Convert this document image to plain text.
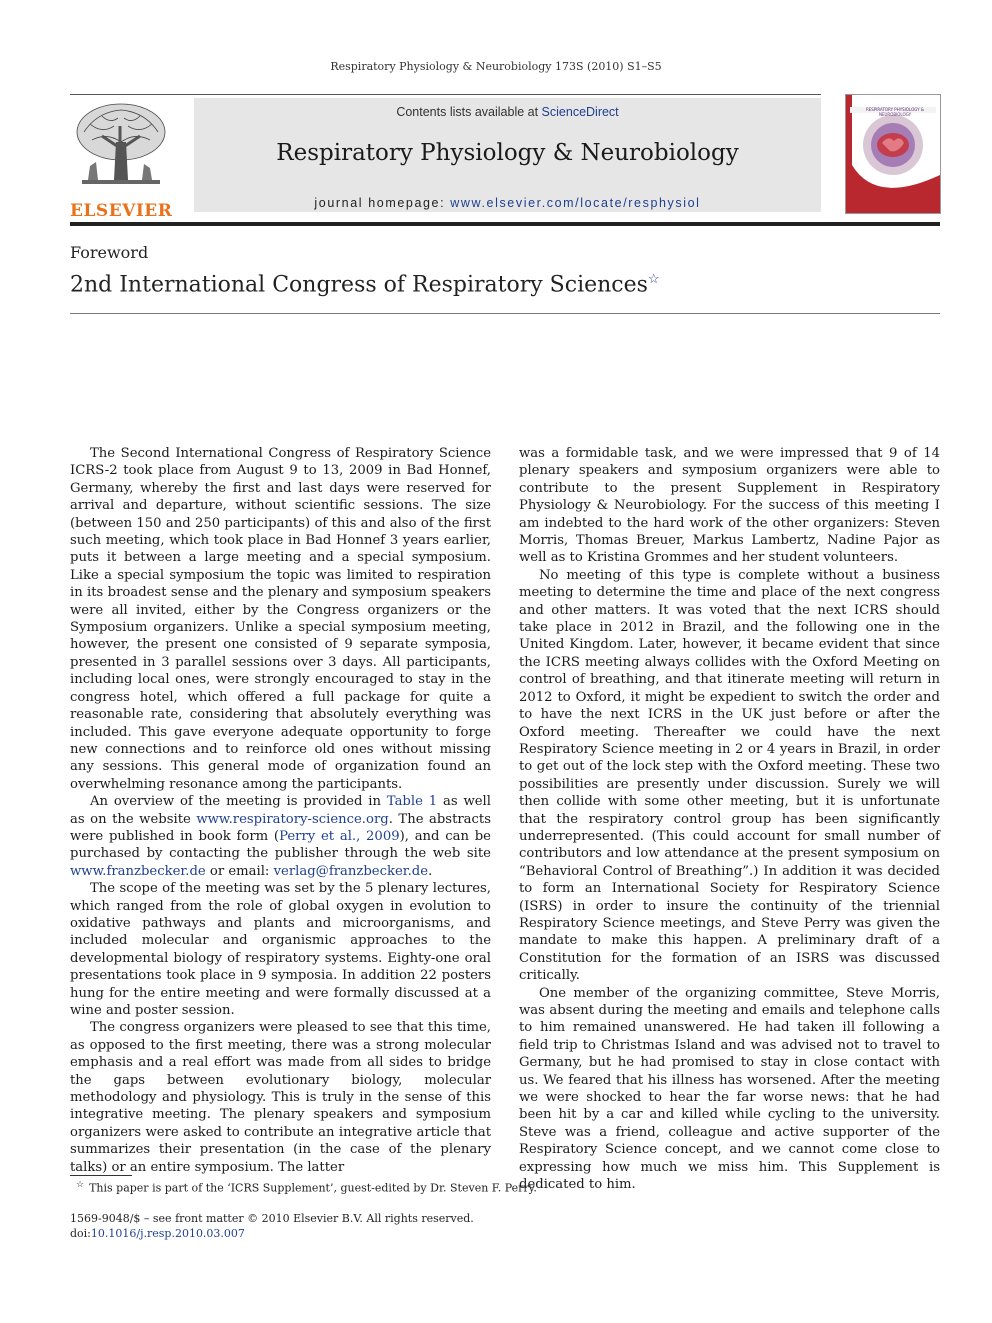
Respiratory Physiology & Neurobiology 173S (2010) S1–S5
ELSEVIER
Contents lists available at ScienceDirect
Respiratory Physiology & Neurobiology
journal homepage: www.elsevier.com/locate/resphysiol
RESPIRATORY PHYSIOLOGY & NEUROBIOLOGY
Foreword
2nd International Congress of Respiratory Sciences☆

The Second International Congress of Respiratory Science ICRS-2 took place from August 9 to 13, 2009 in Bad Honnef, Germany, whereby the first and last days were reserved for arrival and departure, without scientific sessions. The size (between 150 and 250 participants) of this and also of the first such meeting, which took place in Bad Honnef 3 years earlier, puts it between a large meeting and a special symposium. Like a special symposium the topic was limited to respiration in its broadest sense and the plenary and symposium speakers were all invited, either by the Congress organizers or the Symposium organizers. Unlike a special symposium meeting, however, the present one consisted of 9 separate symposia, presented in 3 parallel sessions over 3 days. All participants, including local ones, were strongly encouraged to stay in the congress hotel, which offered a full package for quite a reasonable rate, considering that absolutely everything was included. This gave everyone adequate opportunity to forge new connections and to reinforce old ones without missing any sessions. This general mode of organization found an overwhelming resonance among the participants.

An overview of the meeting is provided in Table 1 as well as on the website www.respiratory-science.org. The abstracts were published in book form (Perry et al., 2009), and can be purchased by contacting the publisher through the web site www.franzbecker.de or email: verlag@franzbecker.de.

The scope of the meeting was set by the 5 plenary lectures, which ranged from the role of global oxygen in evolution to oxidative pathways and plants and microorganisms, and included molecular and organismic approaches to the developmental biology of respiratory systems. Eighty-one oral presentations took place in 9 symposia. In addition 22 posters hung for the entire meeting and were formally discussed at a wine and poster session.

The congress organizers were pleased to see that this time, as opposed to the first meeting, there was a strong molecular emphasis and a real effort was made from all sides to bridge the gaps between evolutionary biology, molecular methodology and physiology. This is truly in the sense of this integrative meeting. The plenary speakers and symposium organizers were asked to contribute an integrative article that summarizes their presentation (in the case of the plenary talks) or an entire symposium. The latter

was a formidable task, and we were impressed that 9 of 14 plenary speakers and symposium organizers were able to contribute to the present Supplement in Respiratory Physiology & Neurobiology. For the success of this meeting I am indebted to the hard work of the other organizers: Steven Morris, Thomas Breuer, Markus Lambertz, Nadine Pajor as well as to Kristina Grommes and her student volunteers.

No meeting of this type is complete without a business meeting to determine the time and place of the next congress and other matters. It was voted that the next ICRS should take place in 2012 in Brazil, and the following one in the United Kingdom. Later, however, it became evident that since the ICRS meeting always collides with the Oxford Meeting on control of breathing, and that itinerate meeting will return in 2012 to Oxford, it might be expedient to switch the order and to have the next ICRS in the UK just before or after the Oxford meeting. Thereafter we could have the next Respiratory Science meeting in 2 or 4 years in Brazil, in order to get out of the lock step with the Oxford meeting. These two possibilities are presently under discussion. Surely we will then collide with some other meeting, but it is unfortunate that the respiratory control group has been significantly underrepresented. (This could account for small number of contributors and low attendance at the present symposium on “Behavioral Control of Breathing”.) In addition it was decided to form an International Society for Respiratory Science (ISRS) in order to insure the continuity of the triennial Respiratory Science meetings, and Steve Perry was given the mandate to make this happen. A preliminary draft of a Constitution for the formation of an ISRS was discussed critically.

One member of the organizing committee, Steve Morris, was absent during the meeting and emails and telephone calls to him remained unanswered. He had taken ill following a field trip to Christmas Island and was advised not to travel to Germany, but he had promised to stay in close contact with us. We feared that his illness has worsened. After the meeting we were shocked to hear the far worse news: that he had been hit by a car and killed while cycling to the university. Steve was a friend, colleague and active supporter of the Respiratory Science concept, and we cannot come close to expressing how much we miss him. This Supplement is dedicated to him.

☆ This paper is part of the ‘ICRS Supplement’, guest-edited by Dr. Steven F. Perry.
1569-9048/$ – see front matter © 2010 Elsevier B.V. All rights reserved.
doi:10.1016/j.resp.2010.03.007
